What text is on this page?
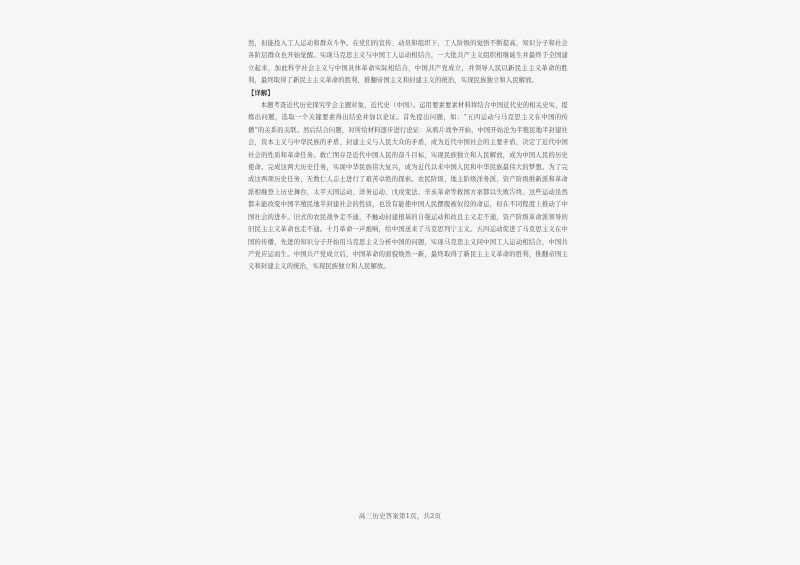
然，但能投入工人运动和群众斗争。在党们的宣传、动员和组织下，工人阶级的觉悟不断提高，知识分子和社会各阶层群众也开始觉醒。实现马克思主义与中国工人运动相结合，一大批共产主义组织相继诞生并最终于全国建立起来，加此科学社会主义与中国具体革命实际相结合，中国共产党成立，并领导人民以新民主主义革命的胜利，最终取得了新民主主义革命的胜利，推翻帝国主义和封建主义的统治，实现民族独立和人民解放。

【详解】

本题考查近代历史探究学会主题对象，近代史（中国）。运用要素要素材料将结合中国近代史的相关史实，提炼出问题，选取一个关键要素得出结论并加以论证。首先提出问题，如：“五四运动与马克思主义在中国的传播”的关系的关联。然后结合问题，对所给材料逐步进行论证：从鸦片战争开始，中国开始沦为半殖民地半封建社会，资本主义与中华民族的矛盾、封建主义与人民大众的矛盾，成为近代中国社会的主要矛盾，决定了近代中国社会的性质和革命任务。救亡图存是近代中国人民的奋斗目标，实现民族独立和人民解放，成为中国人民的历史使命。完成这两大历史任务，实现中华民族伟大复兴，成为近代以来中国人民和中华民族最伟大的梦想。为了完成这两项历史任务，无数仁人志士进行了艰苦卓绝的探索。农民阶级、地主阶级洋务派、资产阶级维新派和革命派相继登上历史舞台，太平天国运动、洋务运动、戊戌变法、辛亥革命等救国方案都以失败告终。这些运动虽然都未能改变中国半殖民地半封建社会的性质，也没有能使中国人民摆脱被奴役的命运，但在不同程度上推动了中国社会的进步。旧式的农民战争走不通，不触动封建根基的自强运动和改良主义走不通，资产阶级革命派领导的旧民主主义革命也走不通。十月革命一声炮响，给中国送来了马克思列宁主义。五四运动促进了马克思主义在中国的传播，先进的知识分子开始用马克思主义分析中国的问题，实现马克思主义同中国工人运动相结合，中国共产党应运而生。中国共产党成立后，中国革命的面貌焕然一新，最终取得了新民主主义革命的胜利，推翻帝国主义和封建主义的统治，实现民族独立和人民解放。

高三历史答案第1页，共2页
